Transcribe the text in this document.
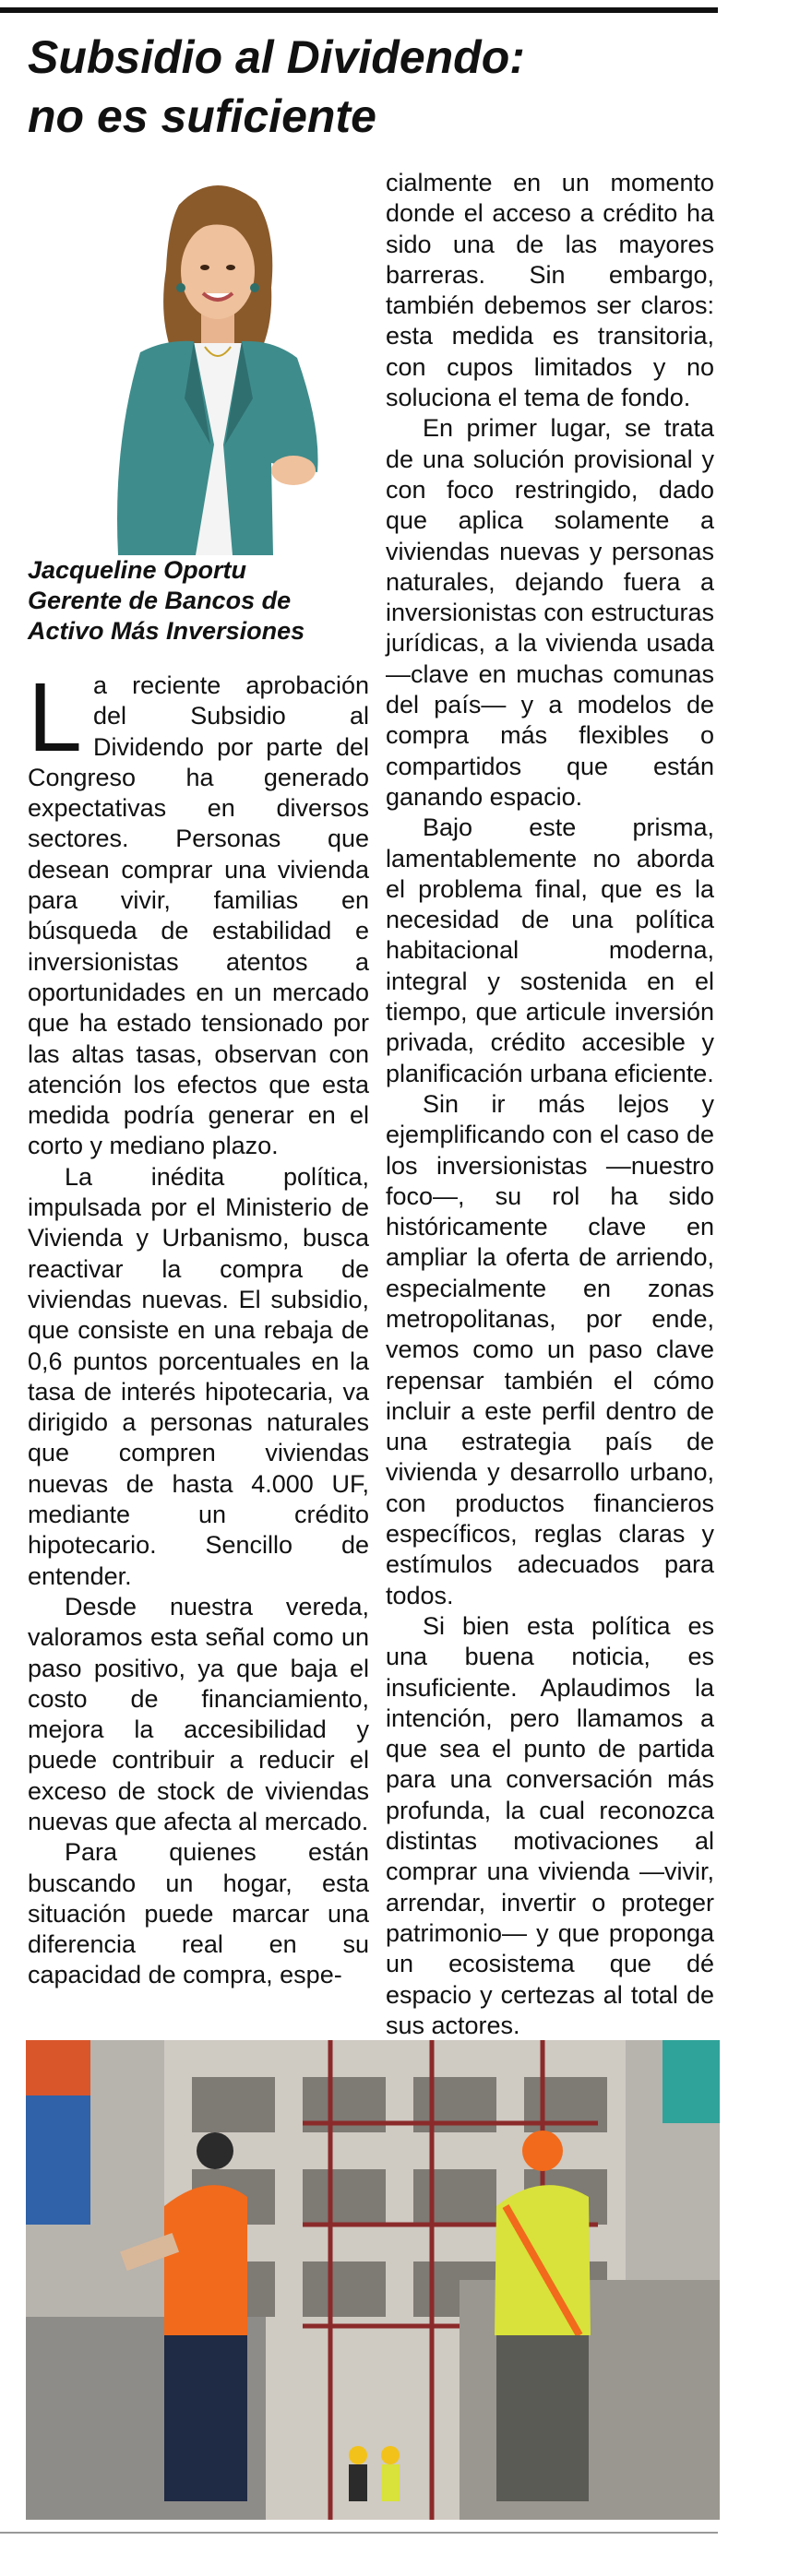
Subsidio al Dividendo:
no es suficiente
Jacqueline Oportu
Gerente de Bancos de
Activo Más Inversiones

La reciente aprobación del Subsidio al Dividendo por parte del Congreso ha generado expectativas en diversos sectores. Personas que desean comprar una vivienda para vivir, familias en búsqueda de estabilidad e inversionistas atentos a oportunidades en un mercado que ha estado tensionado por las altas tasas, observan con atención los efectos que esta medida podría generar en el corto y mediano plazo.

La inédita política, impulsada por el Ministerio de Vivienda y Urbanismo, busca reactivar la compra de viviendas nuevas. El subsidio, que consiste en una rebaja de 0,6 puntos porcentuales en la tasa de interés hipotecaria, va dirigido a personas naturales que compren viviendas nuevas de hasta 4.000 UF, mediante un crédito hipotecario. Sencillo de entender.

Desde nuestra vereda, valoramos esta señal como un paso positivo, ya que baja el costo de financiamiento, mejora la accesibilidad y puede contribuir a reducir el exceso de stock de viviendas nuevas que afecta al mercado.

Para quienes están buscando un hogar, esta situación puede marcar una diferencia real en su capacidad de compra, espe-

cialmente en un momento donde el acceso a crédito ha sido una de las mayores barreras. Sin embargo, también debemos ser claros: esta medida es transitoria, con cupos limitados y no soluciona el tema de fondo.

En primer lugar, se trata de una solución provisional y con foco restringido, dado que aplica solamente a viviendas nuevas y personas naturales, dejando fuera a inversionistas con estructuras jurídicas, a la vivienda usada —clave en muchas comunas del país— y a modelos de compra más flexibles o compartidos que están ganando espacio.

Bajo este prisma, lamentablemente no aborda el problema final, que es la necesidad de una política habitacional moderna, integral y sostenida en el tiempo, que articule inversión privada, crédito accesible y planificación urbana eficiente.

Sin ir más lejos y ejemplificando con el caso de los inversionistas —nuestro foco—, su rol ha sido históricamente clave en ampliar la oferta de arriendo, especialmente en zonas metropolitanas, por ende, vemos como un paso clave repensar también el cómo incluir a este perfil dentro de una estrategia país de vivienda y desarrollo urbano, con productos financieros específicos, reglas claras y estímulos adecuados para todos.

Si bien esta política es una buena noticia, es insuficiente. Aplaudimos la intención, pero llamamos a que sea el punto de partida para una conversación más profunda, la cual reconozca distintas motivaciones al comprar una vivienda —vivir, arrendar, invertir o proteger patrimonio— y que proponga un ecosistema que dé espacio y certezas al total de sus actores.
